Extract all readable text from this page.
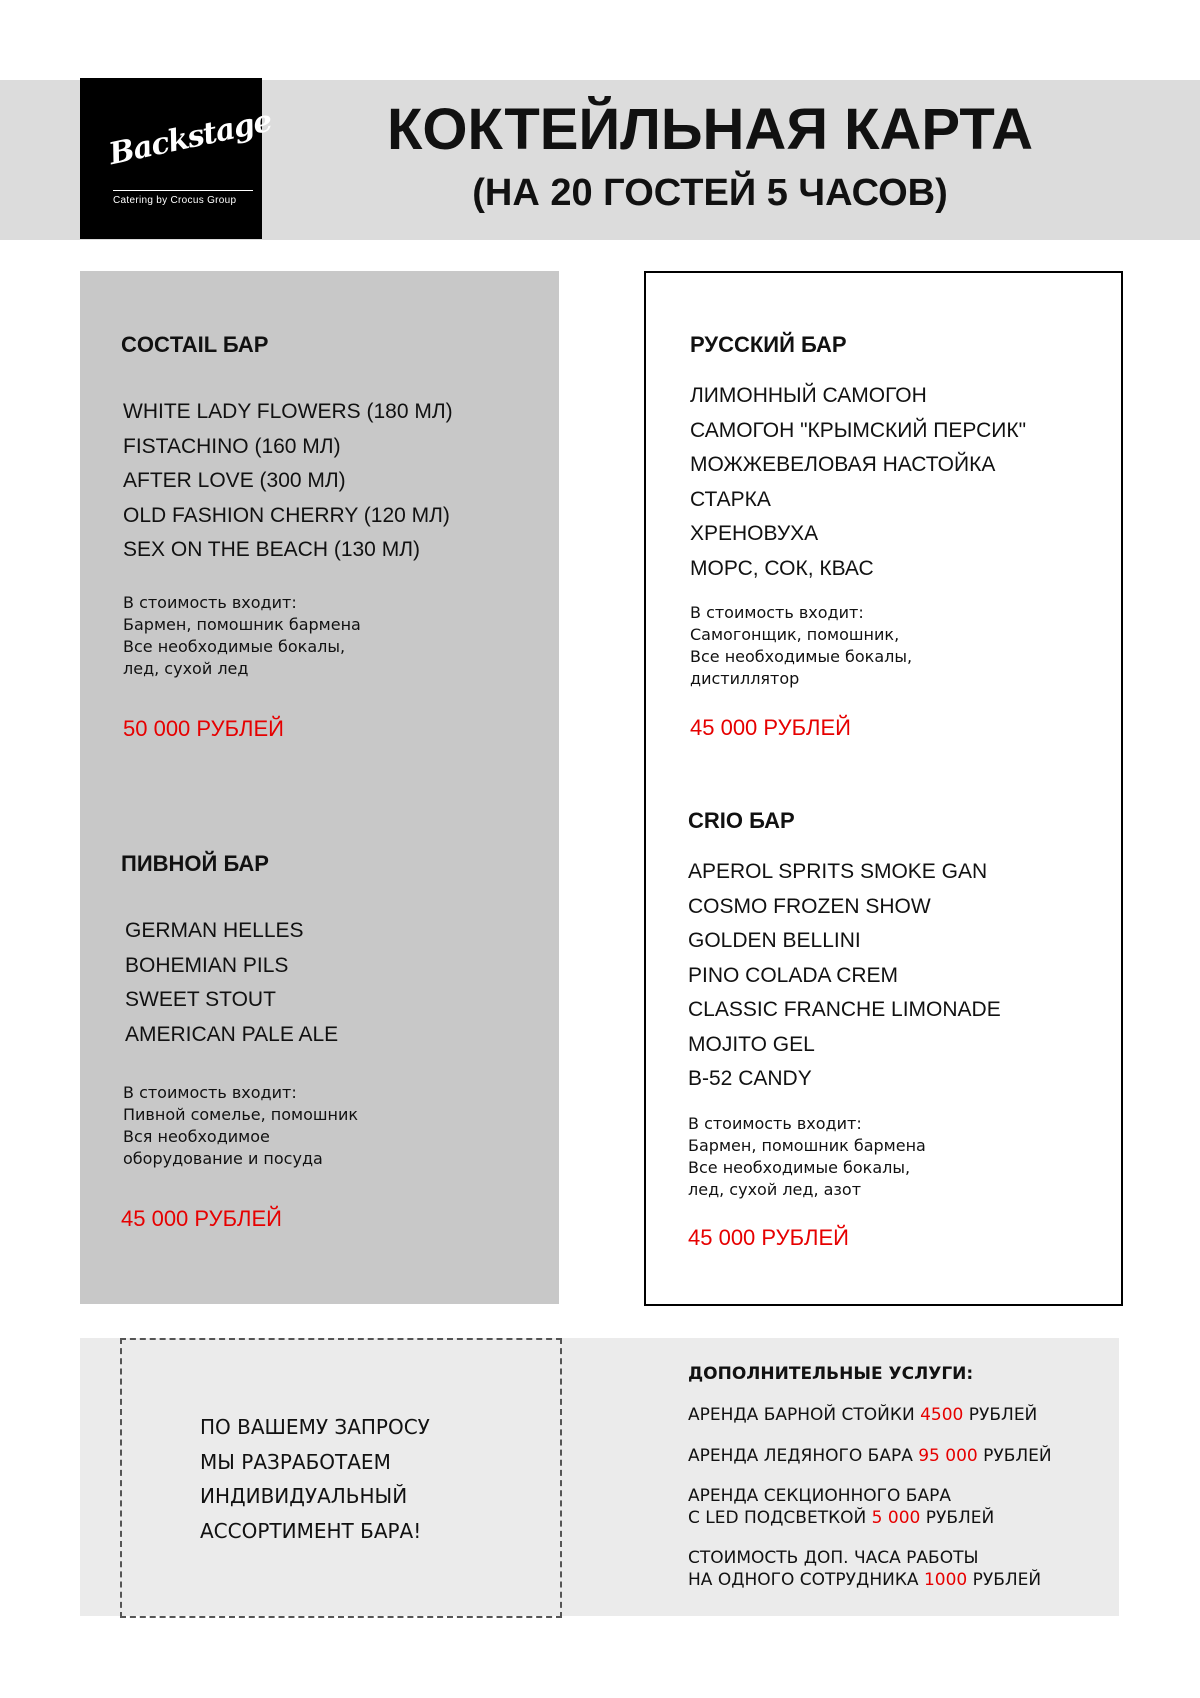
Backstage
Catering by Crocus Group
КОКТЕЙЛЬНАЯ КАРТА
(НА 20 ГОСТЕЙ 5 ЧАСОВ)
COCTAIL БАР
WHITE LADY FLOWERS (180 МЛ)
FISTACHINO (160 МЛ)
AFTER LOVE (300 МЛ)
OLD FASHION CHERRY (120 МЛ)
SEX ON THE BEACH (130 МЛ)
В стоимость входит:
Бармен, помошник бармена
Все необходимые бокалы,
лед, сухой лед
50 000 РУБЛЕЙ
ПИВНОЙ БАР
GERMAN HELLES
BOHEMIAN PILS
SWEET STOUT
AMERICAN PALE ALE
В стоимость входит:
Пивной сомелье, помошник
Вся необходимое
оборудование и посуда
45 000 РУБЛЕЙ
РУССКИЙ БАР
ЛИМОННЫЙ САМОГОН
САМОГОН "КРЫМСКИЙ ПЕРСИК"
МОЖЖЕВЕЛОВАЯ НАСТОЙКА
СТАРКА
ХРЕНОВУХА
МОРС, СОК, КВАС
В стоимость входит:
Самогонщик, помошник,
Все необходимые бокалы,
дистиллятор
45 000 РУБЛЕЙ
CRIO БАР
APEROL SPRITS SMOKE GAN
COSMO FROZEN SHOW
GOLDEN BELLINI
PINO COLADA CREM
CLASSIC FRANCHE LIMONADE
MOJITO GEL
B-52 CANDY
В стоимость входит:
Бармен, помошник бармена
Все необходимые бокалы,
лед, сухой лед, азот
45 000 РУБЛЕЙ
ПО ВАШЕМУ ЗАПРОСУ
МЫ РАЗРАБОТАЕМ
ИНДИВИДУАЛЬНЫЙ
АССОРТИМЕНТ БАРА!
ДОПОЛНИТЕЛЬНЫЕ УСЛУГИ:
АРЕНДА БАРНОЙ СТОЙКИ 4500 РУБЛЕЙ
АРЕНДА ЛЕДЯНОГО БАРА 95 000 РУБЛЕЙ
АРЕНДА СЕКЦИОННОГО БАРА
С LED ПОДСВЕТКОЙ 5 000 РУБЛЕЙ
СТОИМОСТЬ ДОП. ЧАСА РАБОТЫ
НА ОДНОГО СОТРУДНИКА 1000 РУБЛЕЙ
